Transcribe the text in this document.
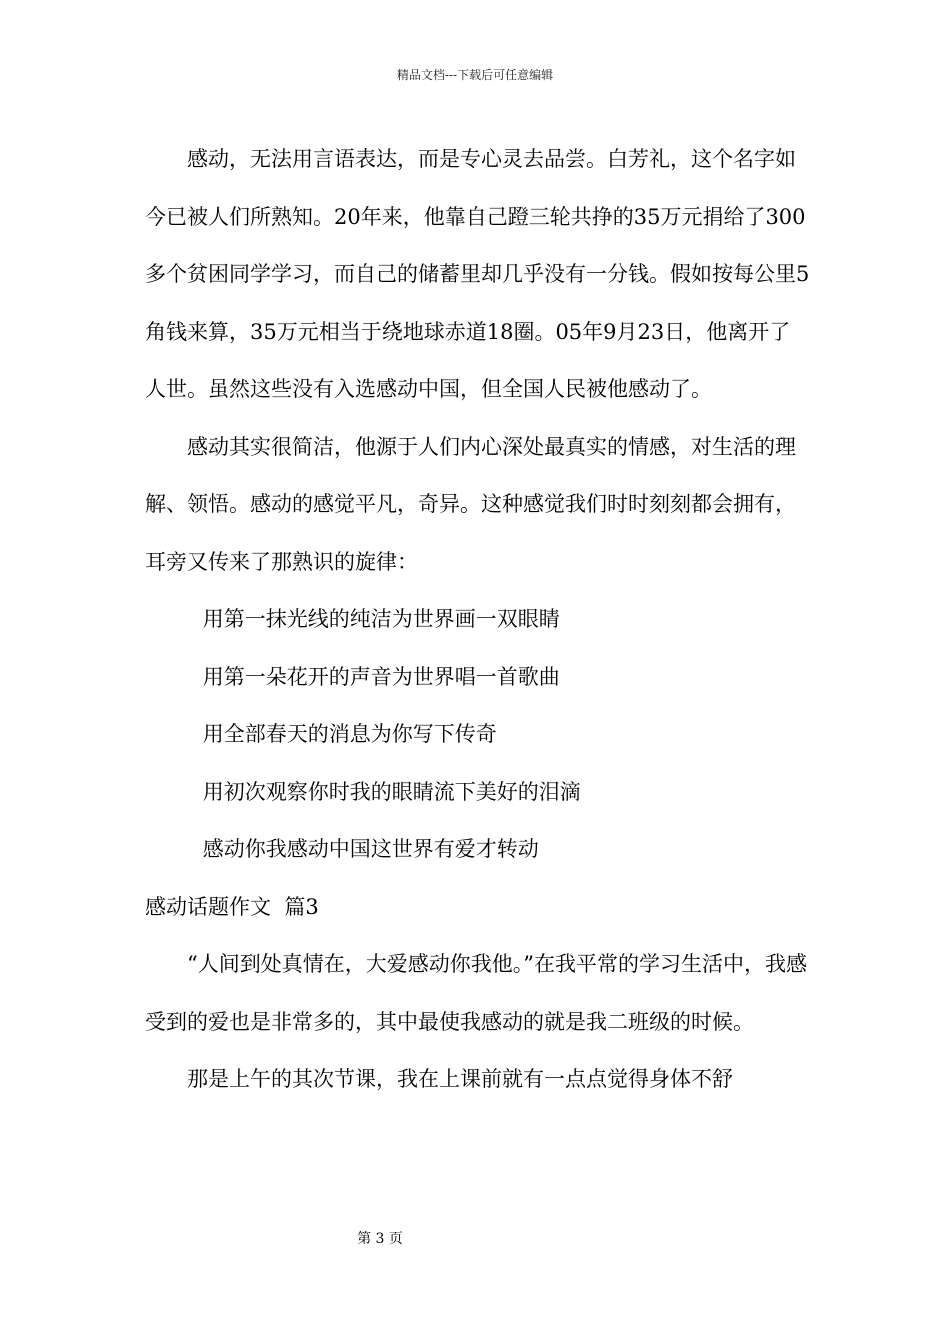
精品文档---下载后可任意编辑

感动，无法用言语表达，而是专心灵去品尝。白芳礼，这个名字如今已被人们所熟知。20年来，他靠自己蹬三轮共挣的35万元捐给了300多个贫困同学学习，而自己的储蓄里却几乎没有一分钱。假如按每公里5角钱来算，35万元相当于绕地球赤道18圈。05年9月23日，他离开了人世。虽然这些没有入选感动中国，但全国人民被他感动了。

感动其实很简洁，他源于人们内心深处最真实的情感，对生活的理解、领悟。感动的感觉平凡，奇异。这种感觉我们时时刻刻都会拥有，耳旁又传来了那熟识的旋律：

用第一抹光线的纯洁为世界画一双眼睛

用第一朵花开的声音为世界唱一首歌曲

用全部春天的消息为你写下传奇

用初次观察你时我的眼睛流下美好的泪滴

感动你我感动中国这世界有爱才转动

感动话题作文  篇3

“人间到处真情在，大爱感动你我他。”在我平常的学习生活中，我感受到的爱也是非常多的，其中最使我感动的就是我二班级的时候。

那是上午的其次节课，我在上课前就有一点点觉得身体不舒

第 3 页
